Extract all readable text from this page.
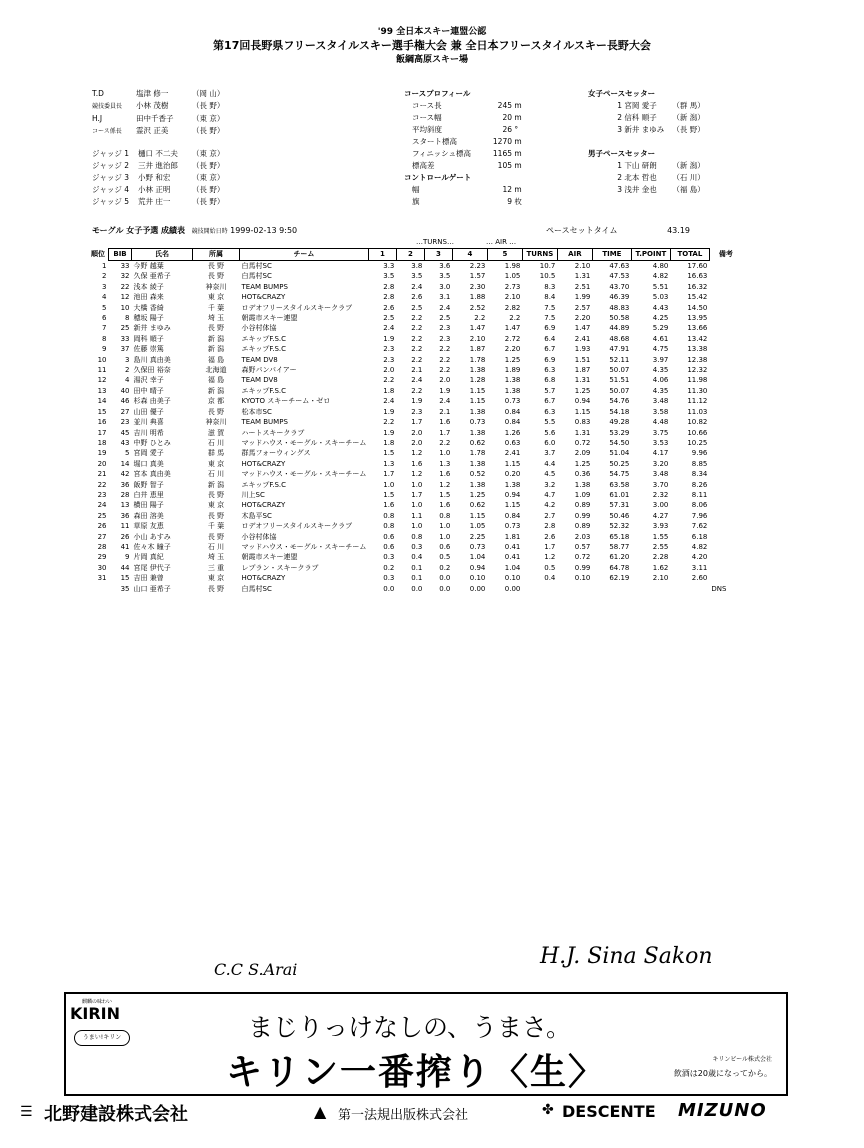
'99 全日本スキー連盟公認
第17回長野県フリースタイルスキー選手権大会 兼 全日本フリースタイルスキー長野大会
飯綱高原スキー場
T.D	塩津 修一	（岡 山）
競技委員長 小林 茂樹	（長 野）
H.J	田中千香子 （東 京）
コース係長 霊沢 正美	（長 野）
ジャッジ 1 樋口 不二夫 （東 京）
ジャッジ 2 三井 進治郎 （長 野）
ジャッジ 3 小野 和宏	（東 京）
ジャッジ 4 小林 正明	（長 野）
ジャッジ 5 荒井 庄一	（長 野）
コースプロフィール
コース長	245 m
コース幅	20 m
平均斜度	26 °
スタート標高	1270 m
フィニッシュ標高	1165 m
標高差	105 m
コントロールゲート
幅	12 m
旗	9 枚
女子ペースセッター
1 宮岡 愛子 （群 馬）
2 信科 順子 （新 潟）
3 新井 まゆみ （長 野）
男子ペースセッター
1 下山 研朗 （新 潟）
2 北本 哲也 （石 川）
3 浅井 金也 （福 島）
モーグル 女子予選 成績表 競技開始日時 1999-02-13 9:50	ペースセットタイム	43.19
…TURNS…	… AIR …
順位	BIB	氏名	所属	チーム	1	2	3	4	5	TURNS	AIR	TIME	T.POINT	TOTAL	備考
1	33	今野 越葉	長 野	白馬村SC	3.3	3.8	3.6	2.23	1.98	10.7	2.10	47.63	4.80	17.60	
2	32	久保 亜希子	長 野	白馬村SC	3.5	3.5	3.5	1.57	1.05	10.5	1.31	47.53	4.82	16.63	
3	22	浅本 綾子	神奈川	TEAM BUMPS	2.8	2.4	3.0	2.30	2.73	8.3	2.51	43.70	5.51	16.32	
4	12	池田 森来	東 京	HOT&CRAZY	2.8	2.6	3.1	1.88	2.10	8.4	1.99	46.39	5.03	15.42	
5	10	大橋 香綺	千 葉	ロデオフリースタイルスキークラブ	2.6	2.5	2.4	2.52	2.82	7.5	2.57	48.83	4.43	14.50	
6	8	穂坂 陽子	埼 玉	朝霞市スキー連盟	2.5	2.2	2.5	2.2	2.2	7.5	2.20	50.58	4.25	13.95	
7	25	新井 まゆみ	長 野	小谷村体協	2.4	2.2	2.3	1.47	1.47	6.9	1.47	44.89	5.29	13.66	
8	33	岡科 順子	新 潟	エキップF.S.C	1.9	2.2	2.3	2.10	2.72	6.4	2.41	48.68	4.61	13.42	
9	37	佐藤 崇篤	新 潟	エキップF.S.C	2.3	2.2	2.2	1.87	2.20	6.7	1.93	47.91	4.75	13.38	
10	3	島川 真由美	福 島	TEAM DV8	2.3	2.2	2.2	1.78	1.25	6.9	1.51	52.11	3.97	12.38	
11	2	久保田 裕奈	北海道	森野パンパイアー	2.0	2.1	2.2	1.38	1.89	6.3	1.87	50.07	4.35	12.32	
12	4	湯沢 幸子	福 島	TEAM DV8	2.2	2.4	2.0	1.28	1.38	6.8	1.31	51.51	4.06	11.98	
13	40	田中 晴子	新 潟	エキップF.S.C	1.8	2.2	1.9	1.15	1.38	5.7	1.25	50.07	4.35	11.30	
14	46	杉森 由美子	京 都	KYOTO スキーチーム・ゼロ	2.4	1.9	2.4	1.15	0.73	6.7	0.94	54.76	3.48	11.12	
15	27	山田 優子	長 野	松本市SC	1.9	2.3	2.1	1.38	0.84	6.3	1.15	54.18	3.58	11.03	
16	23	並川 典喜	神奈川	TEAM BUMPS	2.2	1.7	1.6	0.73	0.84	5.5	0.83	49.28	4.48	10.82	
17	45	吉川 明希	滋 賀	ハートスキークラブ	1.9	2.0	1.7	1.38	1.26	5.6	1.31	53.29	3.75	10.66	
18	43	中野 ひとみ	石 川	マッドハウス・モーグル・スキーチーム	1.8	2.0	2.2	0.62	0.63	6.0	0.72	54.50	3.53	10.25	
19	5	宮岡 愛子	群 馬	群馬フォーウィングス	1.5	1.2	1.0	1.78	2.41	3.7	2.09	51.04	4.17	9.96	
20	14	堀口 真美	東 京	HOT&CRAZY	1.3	1.6	1.3	1.38	1.15	4.4	1.25	50.25	3.20	8.85	
21	42	宮本 真由美	石 川	マッドハウス・モーグル・スキーチーム	1.7	1.2	1.6	0.52	0.20	4.5	0.36	54.75	3.48	8.34	
22	36	飯野 智子	新 潟	エキップF.S.C	1.0	1.0	1.2	1.38	1.38	3.2	1.38	63.58	3.70	8.26	
23	28	白井 恵里	長 野	川上SC	1.5	1.7	1.5	1.25	0.94	4.7	1.09	61.01	2.32	8.11	
24	13	横田 陽子	東 京	HOT&CRAZY	1.6	1.0	1.6	0.62	1.15	4.2	0.89	57.31	3.00	8.06	
25	36	森田 溶美	長 野	木島平SC	0.8	1.1	0.8	1.15	0.84	2.7	0.99	50.46	4.27	7.96	
26	11	草原 友恵	千 葉	ロデオフリースタイルスキークラブ	0.8	1.0	1.0	1.05	0.73	2.8	0.89	52.32	3.93	7.62	
27	26	小山 あすみ	長 野	小谷村体協	0.6	0.8	1.0	2.25	1.81	2.6	2.03	65.18	1.55	6.18	
28	41	佐々木 瞳子	石 川	マッドハウス・モーグル・スキーチーム	0.6	0.3	0.6	0.73	0.41	1.7	0.57	58.77	2.55	4.82	
29	9	片岡 真紀	埼 玉	朝霞市スキー連盟	0.3	0.4	0.5	1.04	0.41	1.2	0.72	61.20	2.28	4.20	
30	44	宮尾 伊代子	三 重	レプラン・スキークラブ	0.2	0.1	0.2	0.94	1.04	0.5	0.99	64.78	1.62	3.11	
31	15	吉田 兼曾	東 京	HOT&CRAZY	0.3	0.1	0.0	0.10	0.10	0.4	0.10	62.19	2.10	2.60	
	35	山口 亜希子	長 野	白馬村SC	0.0	0.0	0.0	0.00	0.00						DNS
C.C S.Arai
H.J. Sina Sakon
麒麟の味わい
KIRIN
うまい!キリン	まじりっけなしの、うまさ。
キリン一番搾り〈生〉	キリンビール株式会社
飲酒は20歳になってから。
☰ 北野建設株式会社	▲ 第一法規出版株式会社	✤ DESCENTE MIZUNO
